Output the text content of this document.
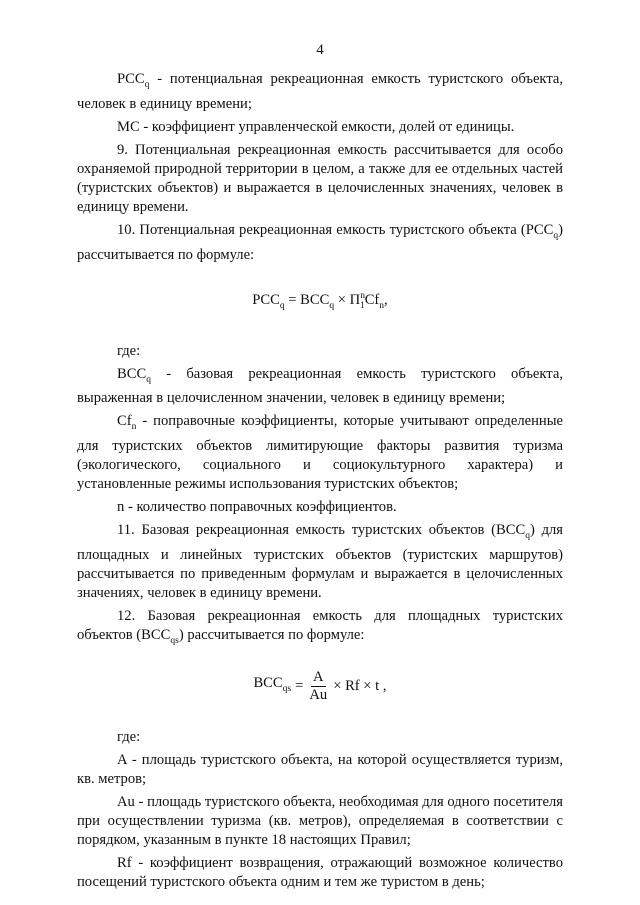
4

$PCC_q$ - потенциальная рекреационная емкость туристского объекта, человек в единицу времени;

МС - коэффициент управленческой емкости, долей от единицы.

9. Потенциальная рекреационная емкость рассчитывается для особо охраняемой природной территории в целом, а также для ее отдельных частей (туристских объектов) и выражается в целочисленных значениях, человек в единицу времени.

10. Потенциальная рекреационная емкость туристского объекта $(PCC_q)$ рассчитывается по формуле:

$PCC_q = BCC_q \times \Pi^n_1Cf_n$,

где:

$BCC_q$ - базовая рекреационная емкость туристского объекта, выраженная в целочисленном значении, человек в единицу времени;

$Cf_n$ - поправочные коэффициенты, которые учитывают определенные для туристских объектов лимитирующие факторы развития туризма (экологического, социального и социокультурного характера) и установленные режимы использования туристских объектов;

n - количество поправочных коэффициентов.

11. Базовая рекреационная емкость туристских объектов $(BCC_q)$ для площадных и линейных туристских объектов (туристских маршрутов) рассчитывается по приведенным формулам и выражается в целочисленных значениях, человек в единицу времени.

12. Базовая рекреационная емкость для площадных туристских объектов $(BCC_{qs})$ рассчитывается по формуле:

$BCC_{qs} = \frac{A}{Au} \times Rf \times t$ ,

где:

A - площадь туристского объекта, на которой осуществляется туризм, кв. метров;

Au - площадь туристского объекта, необходимая для одного посетителя при осуществлении туризма (кв. метров), определяемая в соответствии с порядком, указанным в пункте 18 настоящих Правил;

Rf - коэффициент возвращения, отражающий возможное количество посещений туристского объекта одним и тем же туристом в день;
